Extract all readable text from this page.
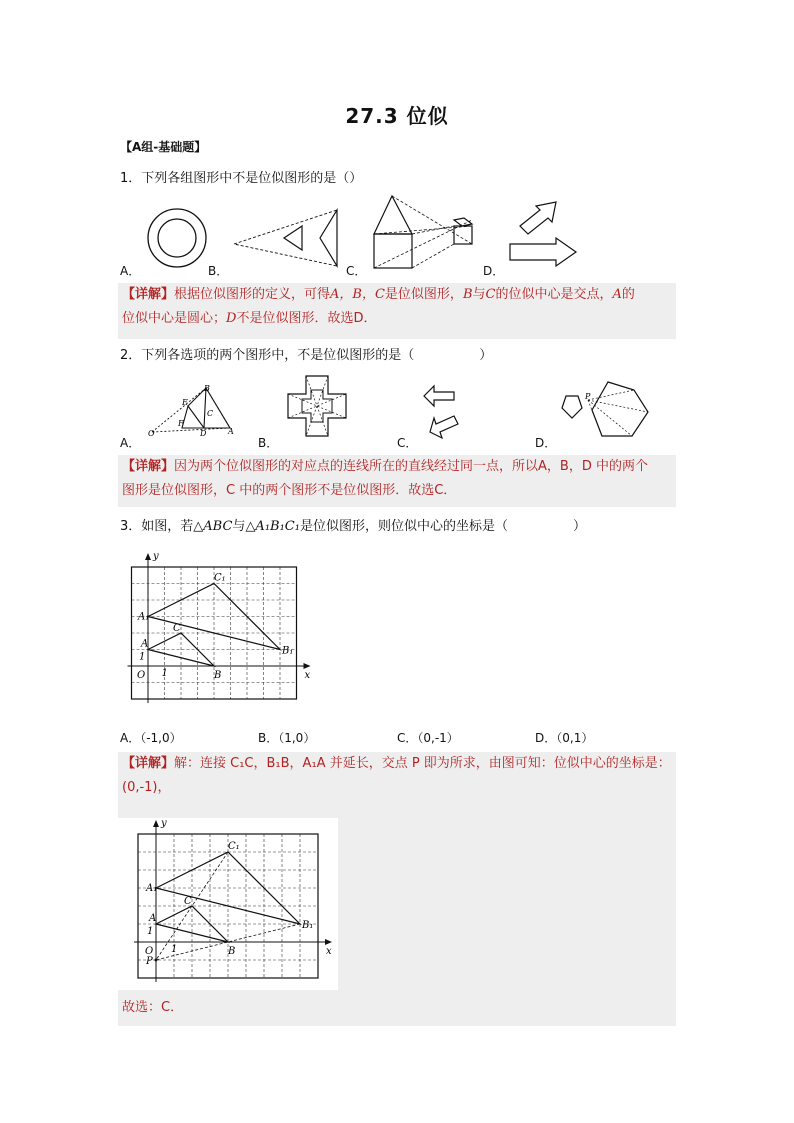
27.3 位似
【A组-基础题】
1．下列各组图形中不是位似图形的是（）
A．	B．	C．	D．
【详解】根据位似图形的定义，可得A，B，C是位似图形，B与C的位似中心是交点，A的
位似中心是圆心；D不是位似图形．故选D．
2．下列各选项的两个图形中，不是位似图形的是（　　　　　）
B
E
C
F
D	A
O
P
A．	B．	C．	D．
【详解】因为两个位似图形的对应点的连线所在的直线经过同一点，所以A，B，D 中的两个
图形是位似图形，C 中的两个图形不是位似图形．故选C．
3．如图，若△ABC与△A₁B₁C₁是位似图形，则位似中心的坐标是（　　　　　）
x
y
O 1
1
A
B
C
A₁
B₁
C₁
A．（-1,0）	B．（1,0）	C．（0,-1）	D．（0,1）
【详解】解：连接 C₁C，B₁B，A₁A 并延长，交点 P 即为所求，由图可知：位似中心的坐标是：
(0,-1)，
故选：C．
P
x
y
O 1
1
A
B
C
A₁
B₁
C₁
